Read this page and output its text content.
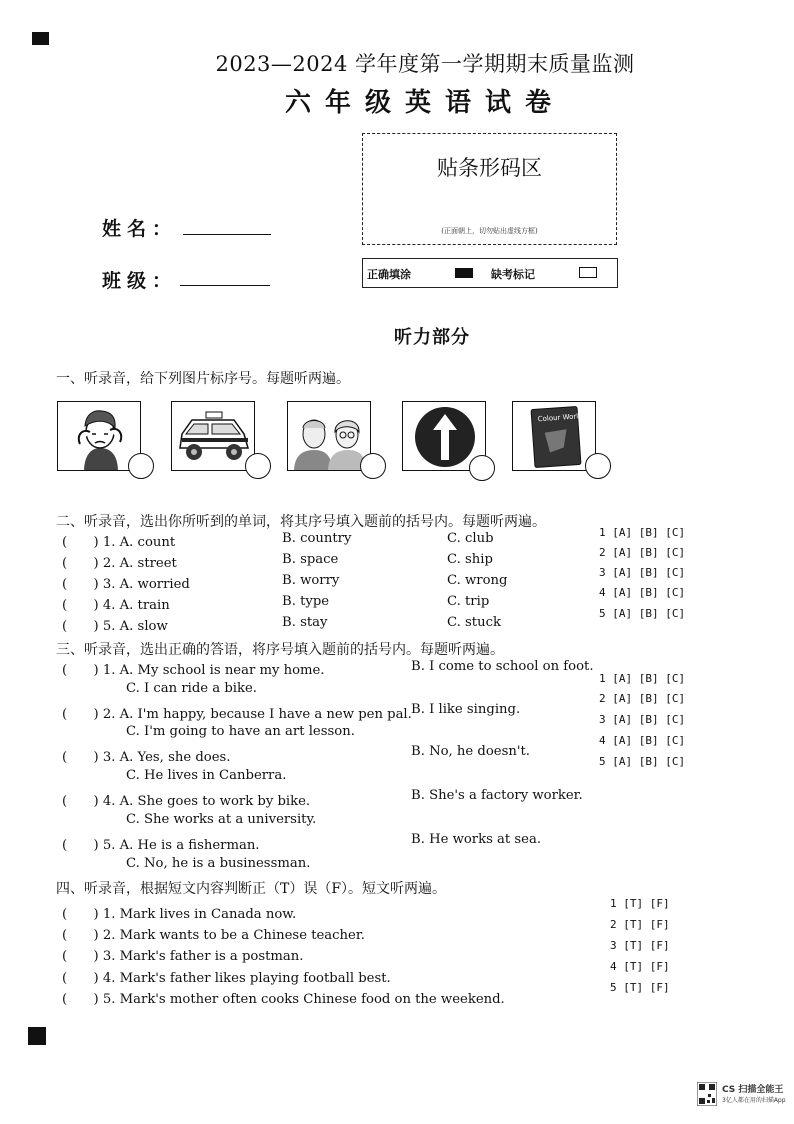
2023—2024 学年度第一学期期末质量监测
六年级英语试卷
贴条形码区
(正面朝上，切勿贴出虚线方框)
正确填涂	缺考标记
姓名：
班级：
听力部分
一、听录音，给下列图片标序号。每题听两遍。
Colour World
二、听录音，选出你所听到的单词，将其序号填入题前的括号内。每题听两遍。
(　　) 1. A. count	B. country	C. club
(　　) 2. A. street	B. space	C. ship
(　　) 3. A. worried	B. worry	C. wrong
(　　) 4. A. train	B. type	C. trip
(　　) 5. A. slow	B. stay	C. stuck
1 [A] [B] [C]
2 [A] [B] [C]
3 [A] [B] [C]
4 [A] [B] [C]
5 [A] [B] [C]
三、听录音，选出正确的答语，将序号填入题前的括号内。每题听两遍。
(　　) 1. A. My school is near my home.	B. I come to school on foot.
C. I can ride a bike.
(　　) 2. A. I'm happy, because I have a new pen pal. B. I like singing.
C. I'm going to have an art lesson.
(　　) 3. A. Yes, she does.	B. No, he doesn't.
C. He lives in Canberra.
(　　) 4. A. She goes to work by bike.	B. She's a factory worker.
C. She works at a university.
(　　) 5. A. He is a fisherman.	B. He works at sea.
C. No, he is a businessman.
1 [A] [B] [C]
2 [A] [B] [C]
3 [A] [B] [C]
4 [A] [B] [C]
5 [A] [B] [C]
四、听录音，根据短文内容判断正（T）误（F）。短文听两遍。
(　　) 1. Mark lives in Canada now.
(　　) 2. Mark wants to be a Chinese teacher.
(　　) 3. Mark's father is a postman.
(　　) 4. Mark's father likes playing football best.
(　　) 5. Mark's mother often cooks Chinese food on the weekend.
1 [T] [F]
2 [T] [F]
3 [T] [F]
4 [T] [F]
5 [T] [F]
CS 扫描全能王
3亿人都在用的扫描App
